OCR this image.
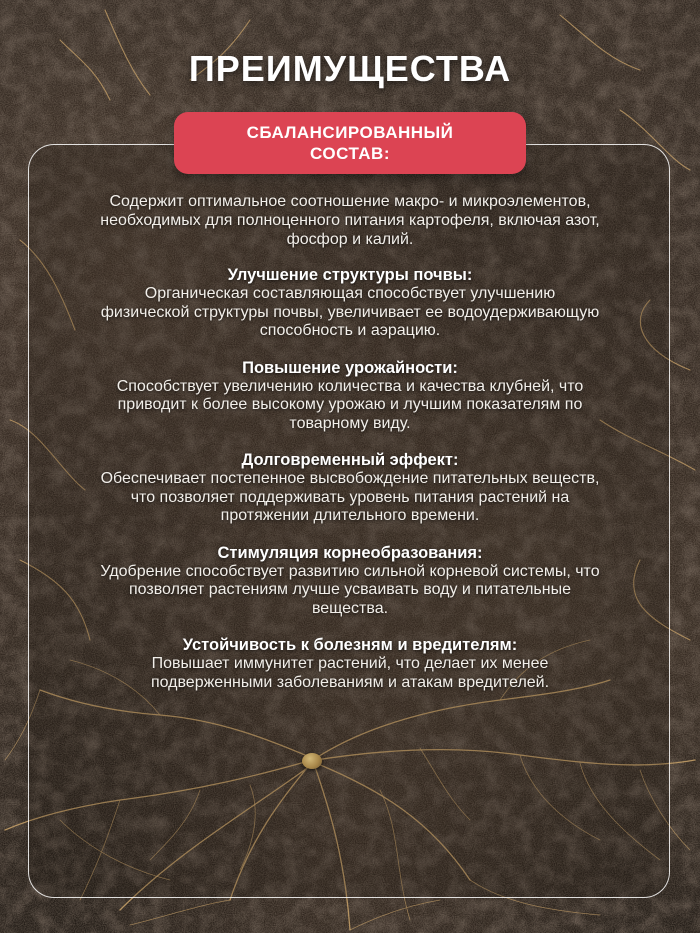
ПРЕИМУЩЕСТВА
СБАЛАНСИРОВАННЫЙ СОСТАВ:
Содержит оптимальное соотношение макро- и микроэлементов, необходимых для полноценного питания картофеля, включая азот, фосфор и калий.
Улучшение структуры почвы:
Органическая составляющая способствует улучшению физической структуры почвы, увеличивает ее водоудерживающую способность и аэрацию.
Повышение урожайности:
Способствует увеличению количества и качества клубней, что приводит к более высокому урожаю и лучшим показателям по товарному виду.
Долговременный эффект:
Обеспечивает постепенное высвобождение питательных веществ, что позволяет поддерживать уровень питания растений на протяжении длительного времени.
Стимуляция корнеобразования:
Удобрение способствует развитию сильной корневой системы, что позволяет растениям лучше усваивать воду и питательные вещества.
Устойчивость к болезням и вредителям:
Повышает иммунитет растений, что делает их менее подверженными заболеваниям и атакам вредителей.
